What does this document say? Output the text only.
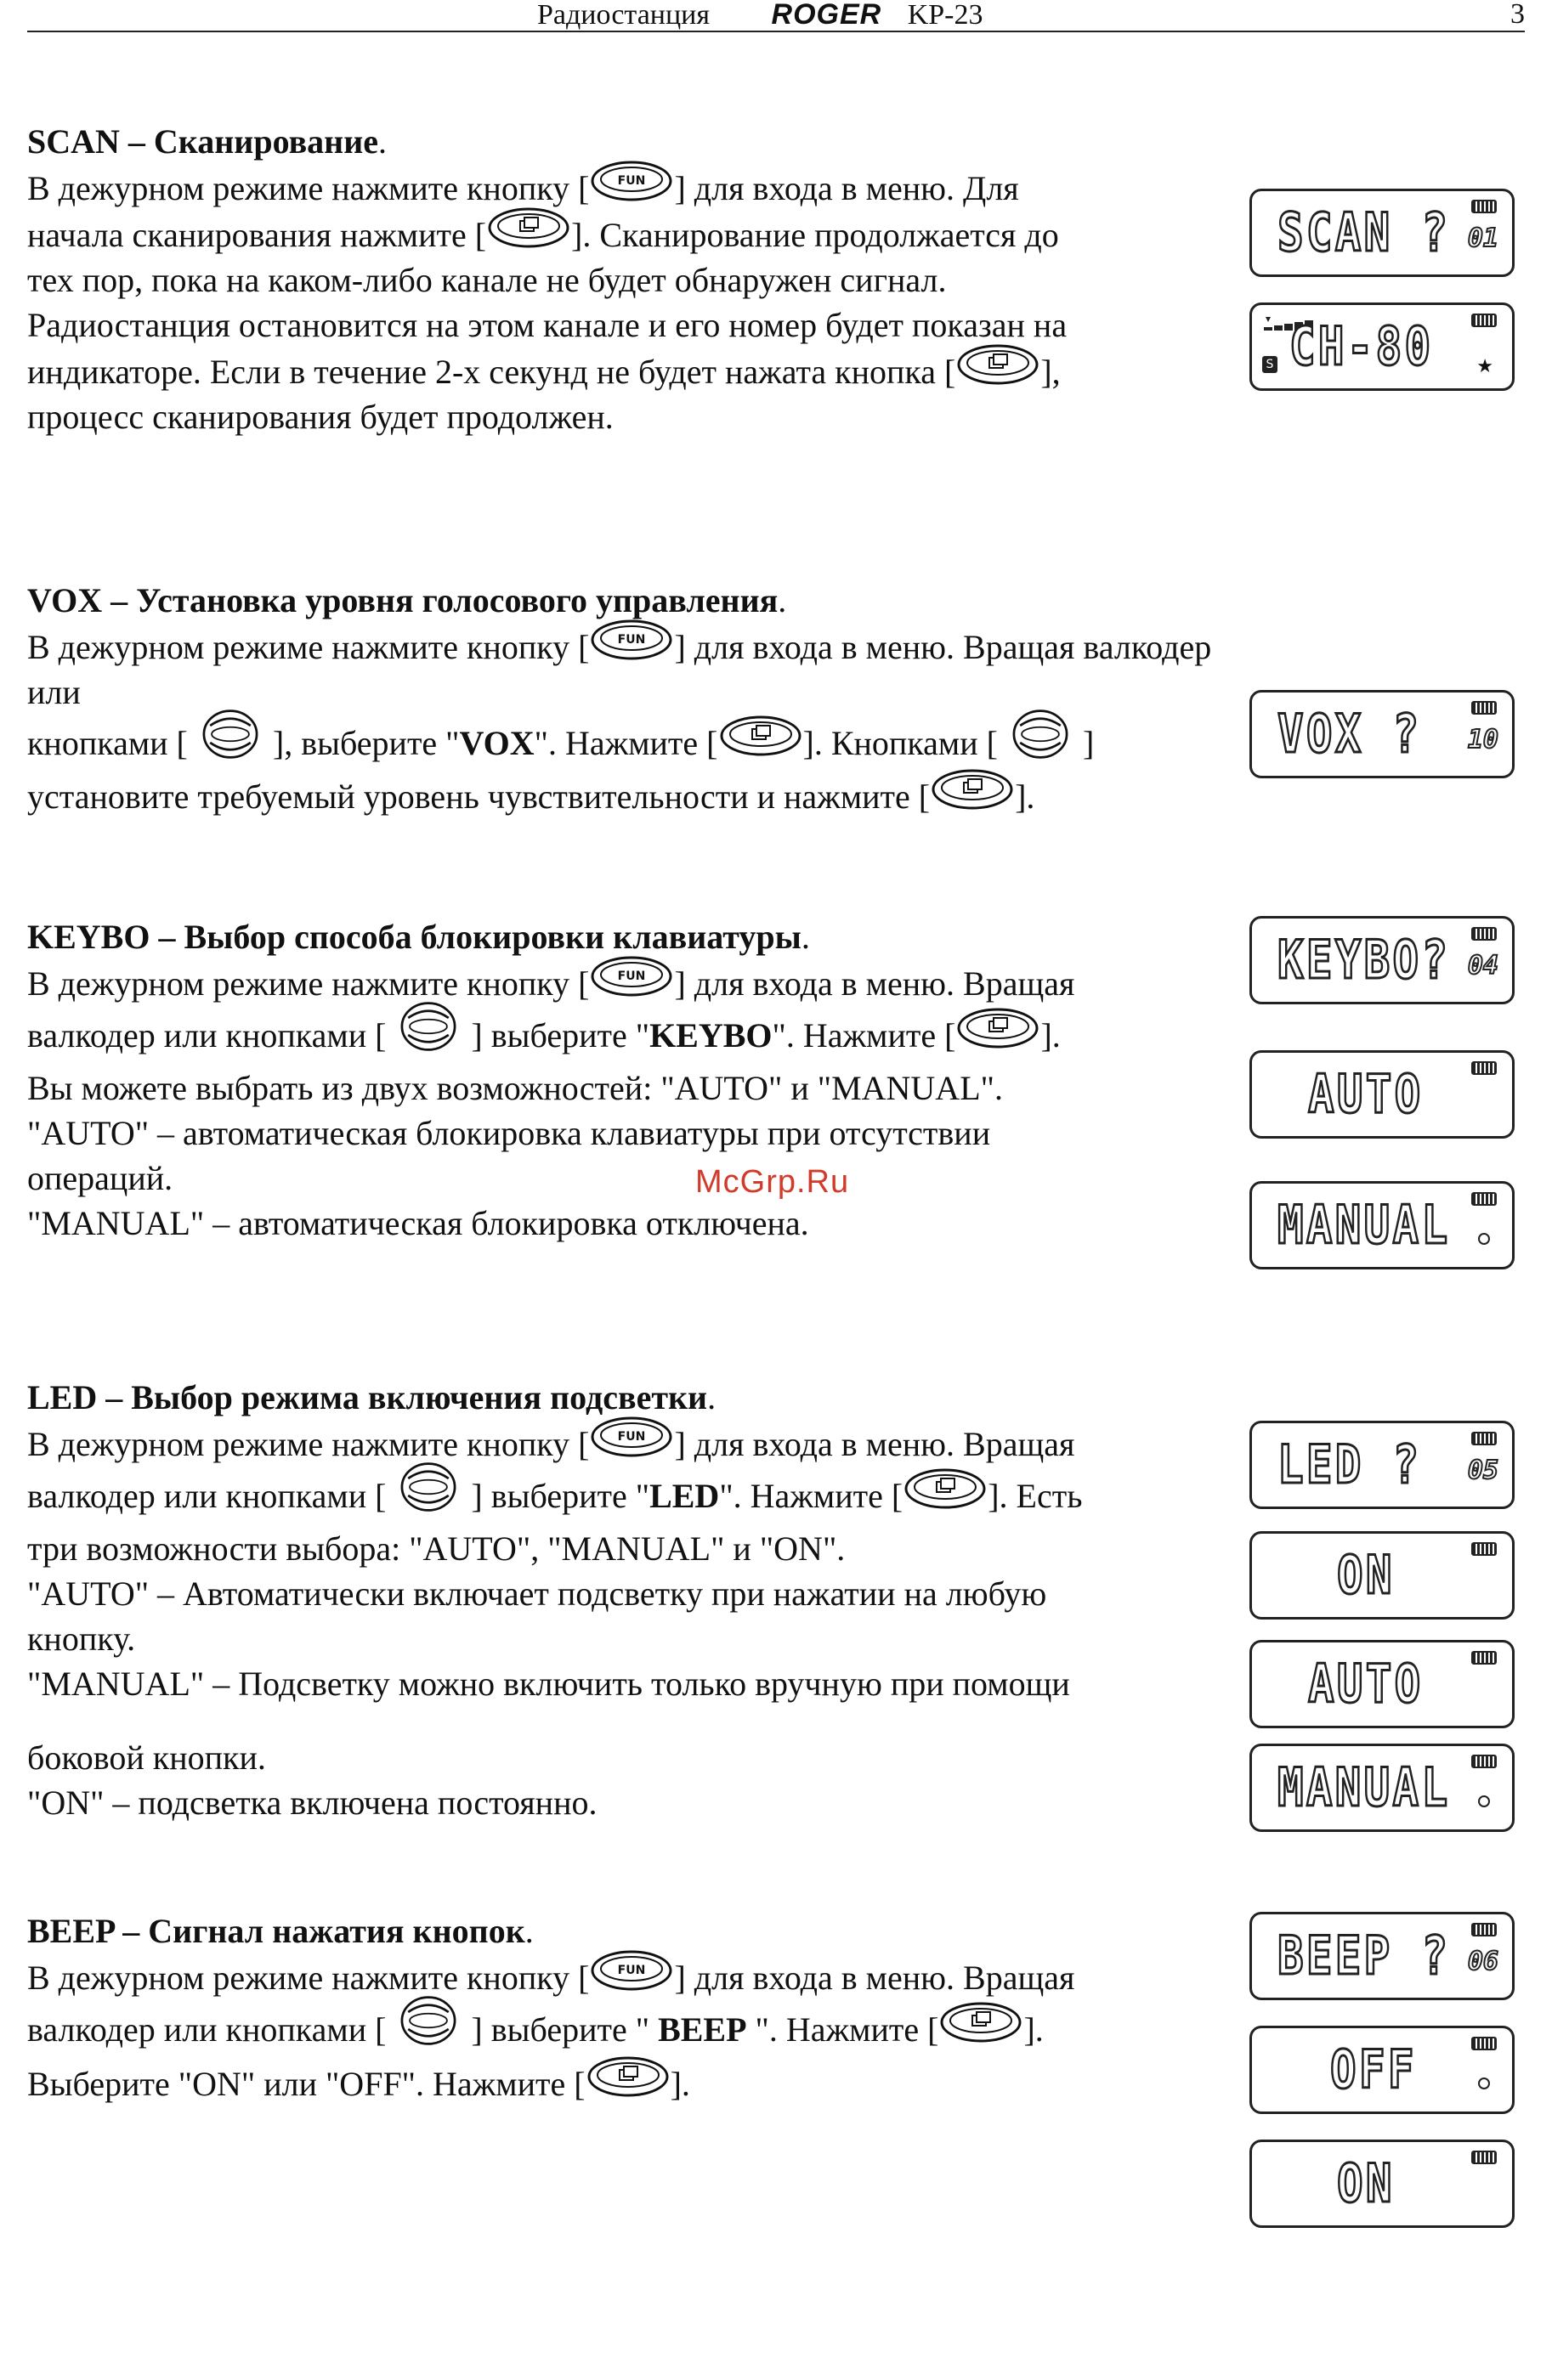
Радиостанция ROGER KP-23	3
SCAN – Сканирование.

В дежурном режиме нажмите кнопку [	] для входа в меню. Для

начала сканирования нажмите [	]. Сканирование продолжается до

тех пор, пока на каком-либо канале не будет обнаружен сигнал.

Радиостанция остановится на этом канале и его номер будет показан на

индикаторе. Если в течение 2-х секунд не будет нажата кнопка [	],

процесс сканирования будет продолжен.

SCAN ? 01
S CH-80 ★
VOX – Установка уровня голосового управления.

В дежурном режиме нажмите кнопку [	] для входа в меню. Вращая валкодер или

кнопками [	], выберите "VOX". Нажмите [	]. Кнопками [	]

установите требуемый уровень чувствительности и нажмите [	].

VOX ? 10
KEYBO – Выбор способа блокировки клавиатуры.

В дежурном режиме нажмите кнопку [	] для входа в меню. Вращая

валкодер или кнопками [	] выберите "KEYBO". Нажмите [	].

Вы можете выбрать из двух возможностей: "AUTO" и "MANUAL".

"AUTO" – автоматическая блокировка клавиатуры при отсутствии

операций.

"MANUAL" – автоматическая блокировка отключена.

KEYBO? 04
AUTO
MANUAL
McGrp.Ru
LED – Выбор режима включения подсветки.

В дежурном режиме нажмите кнопку [	] для входа в меню. Вращая

валкодер или кнопками [	] выберите "LED". Нажмите [	]. Есть

три возможности выбора: "AUTO", "MANUAL" и "ON".

"AUTO" – Автоматически включает подсветку при нажатии на любую

кнопку.

"MANUAL" – Подсветку можно включить только вручную при помощи

боковой кнопки.

"ON" – подсветка включена постоянно.

LED ? 05
ON
AUTO
MANUAL
BEEP – Сигнал нажатия кнопок.

В дежурном режиме нажмите кнопку [	] для входа в меню. Вращая

валкодер или кнопками [	] выберите " BEEP ". Нажмите [	].

Выберите "ON" или "OFF". Нажмите [	].

BEEP ? 06
OFF
ON
